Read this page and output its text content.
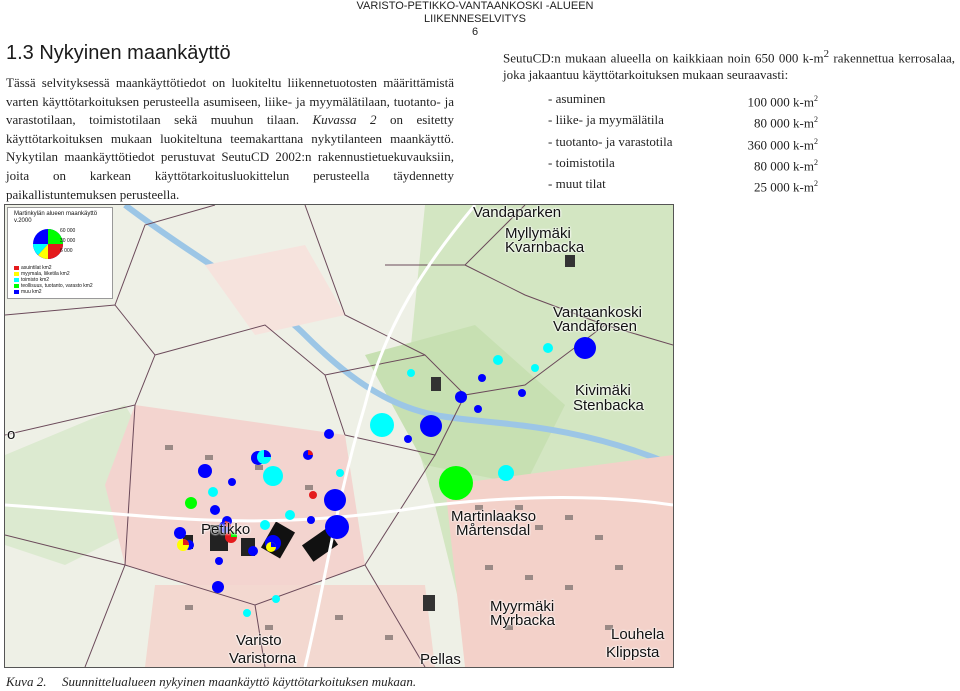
VARISTO-PETIKKO-VANTAANKOSKI -ALUEEN LIIKENNESELVITYS
6
1.3 Nykyinen maankäyttö

Tässä selvityksessä maankäyttötiedot on luokiteltu liikennetuotosten määrittämistä varten käyttötarkoituksen perusteella asumiseen, liike- ja myymälätilaan, tuotanto- ja varastotilaan, toimistotilaan sekä muuhun tilaan. Kuvassa 2 on esitetty käyttötarkoituksen mukaan luokiteltuna teemakarttana nykytilanteen maankäyttö. Nykytilan maankäyttötiedot perustuvat SeutuCD 2002:n rakennustietuekuvauksiin, joita on karkean käyttötarkoitusluokittelun perusteella täydennetty paikallistuntemuksen perusteella.

SeutuCD:n mukaan alueella on kaikkiaan noin 650 000 $k-m^2$ rakennettua kerrosalaa, joka jakaantuu käyttötarkoituksen mukaan seuraavasti:

- asuminen	100 000 $k-m^2$
- liike- ja myymälätila	80 000 $k-m^2$
- tuotanto- ja varastotila	360 000 $k-m^2$
- toimistotila	80 000 $k-m^2$
- muut tilat	25 000 $k-m^2$
Martinkylän alueen maankäyttö
v.2000
60 000
30 000
6 000
asuintilat km2
myymala, liiketila km2
toimisto km2
teollisuus, tuotanto, varasto km2
muu km2
Vandaparken
Myllymäki
Kvarnbacka
Vantaankoski
Vandaforsen
Kivimäki
Stenbacka
o
Martinlaakso
Mårtensdal
Petikko
Myyrmäki
Myrbacka
Varisto
Varistorna	Pellas
Louhela
Klippsta

Kuva 2. Suunnittelualueen nykyinen maankäyttö käyttötarkoituksen mukaan.
